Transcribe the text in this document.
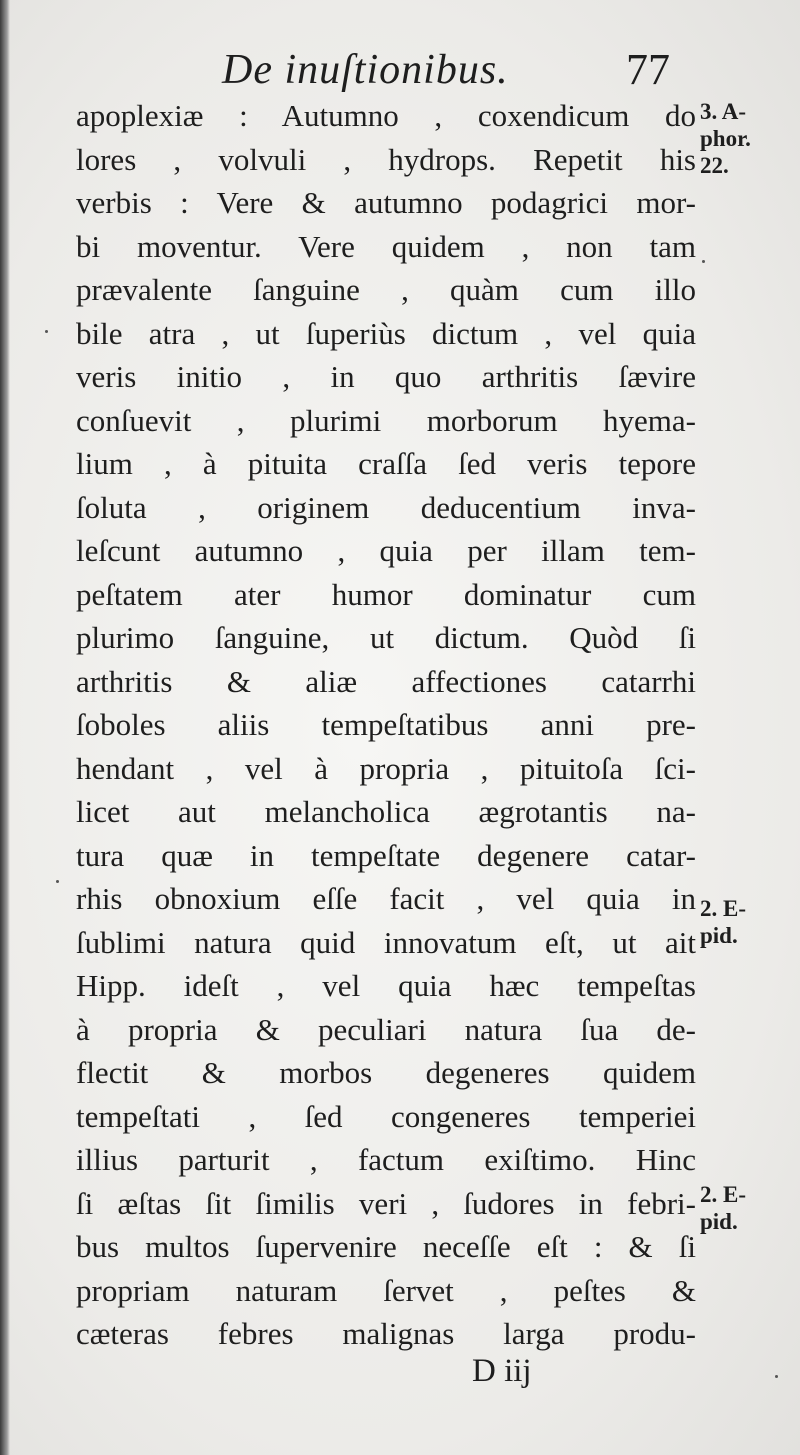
De inuſtionibus.	77
apoplexiæ : Autumno , coxendicum do
lores , volvuli , hydrops. Repetit his
verbis : Vere & autumno podagrici mor-
bi moventur. Vere quidem , non tam
prævalente ſanguine , quàm cum illo
bile atra , ut ſuperiùs dictum , vel quia
veris initio , in quo arthritis ſævire
conſuevit , plurimi morborum hyema-
lium , à pituita craſſa ſed veris tepore
ſoluta , originem deducentium inva-
leſcunt autumno , quia per illam tem-
peſtatem ater humor dominatur cum
plurimo ſanguine, ut dictum. Quòd ſi
arthritis & aliæ affectiones catarrhi
ſoboles aliis tempeſtatibus anni pre-
hendant , vel à propria , pituitoſa ſci-
licet aut melancholica ægrotantis na-
tura quæ in tempeſtate degenere catar-
rhis obnoxium eſſe facit , vel quia in
ſublimi natura quid innovatum eſt, ut ait
Hipp. ideſt , vel quia hæc tempeſtas
à propria & peculiari natura ſua de-
flectit & morbos degeneres quidem
tempeſtati , ſed congeneres temperiei
illius parturit , factum exiſtimo. Hinc
ſi æſtas ſit ſimilis veri , ſudores in febri-
bus multos ſupervenire neceſſe eſt : & ſi
propriam naturam ſervet , peſtes &
cæteras febres malignas larga produ-
3. A-
phor.
22.
2. E-
pid.
2. E-
pid.
D iij
